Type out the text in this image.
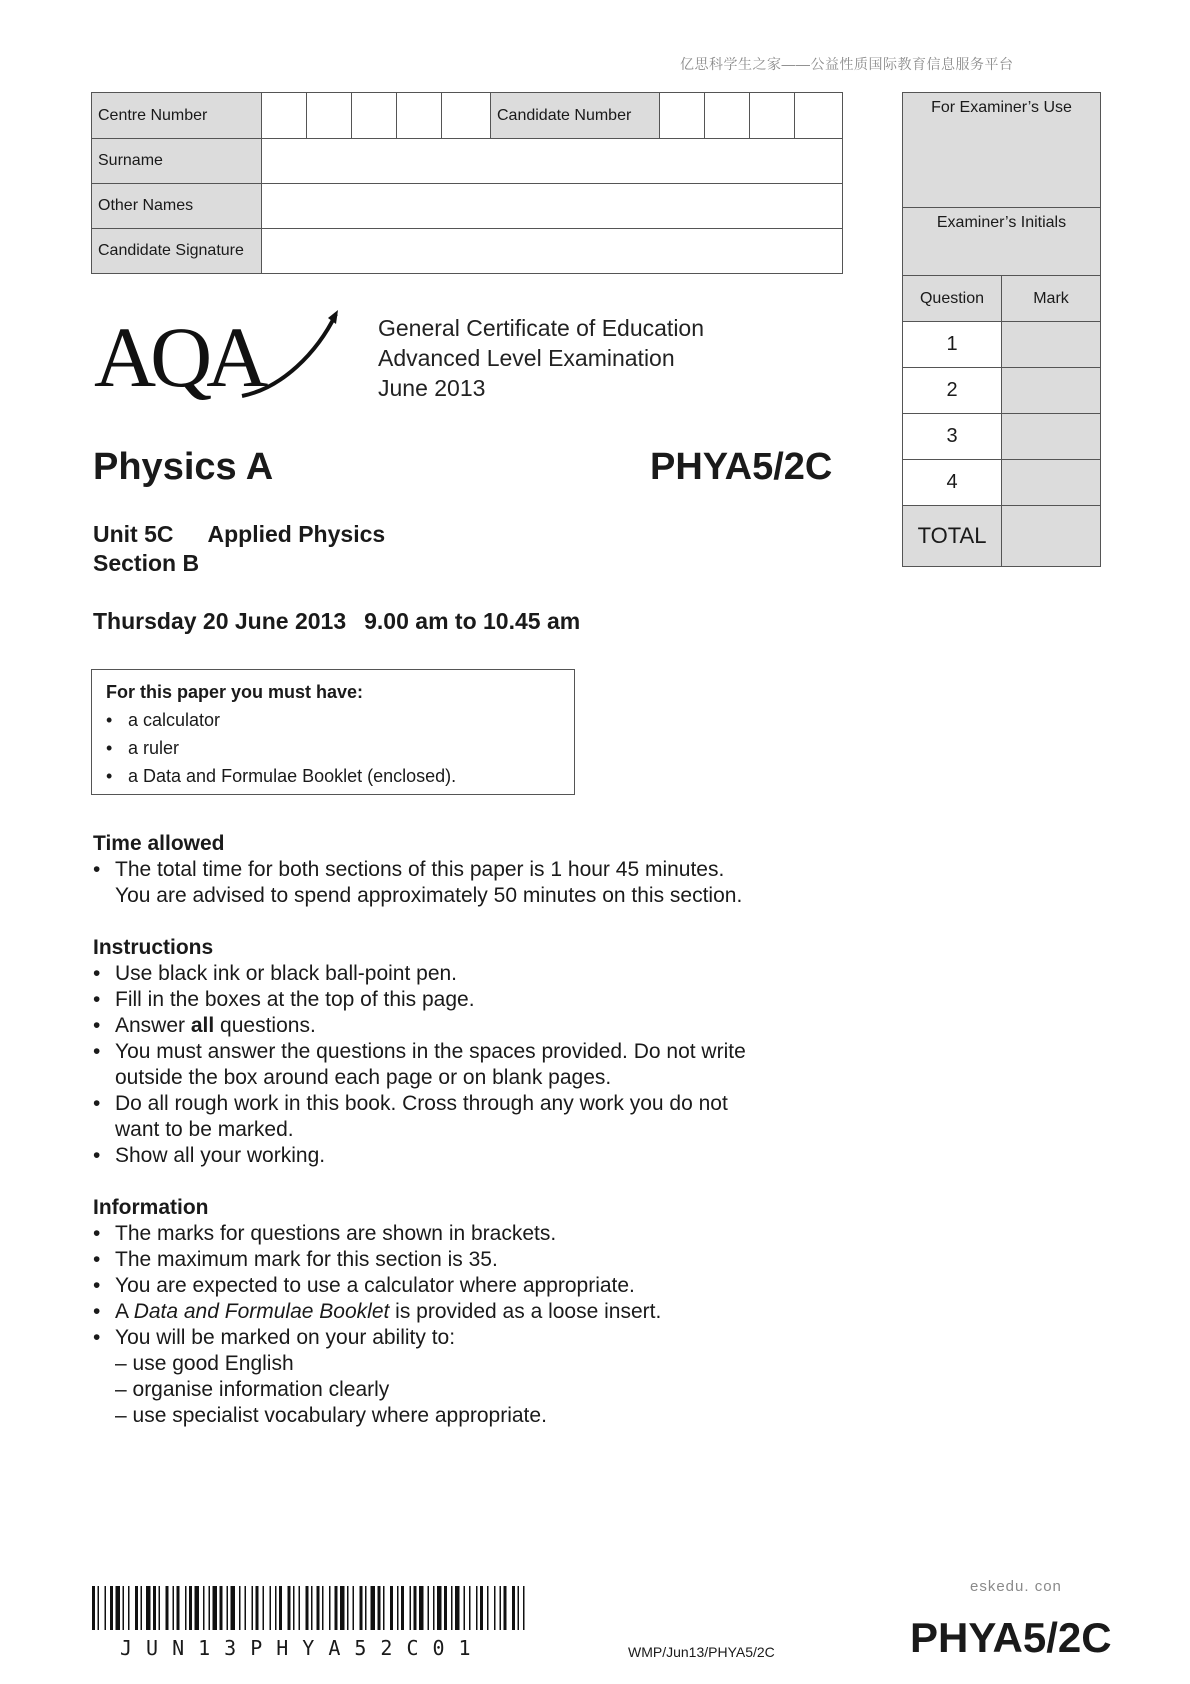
亿思科学生之家——公益性质国际教育信息服务平台
Centre Number	Candidate Number
Surname
Other Names
Candidate Signature
For Examiner’s Use
Examiner’s Initials
Question	Mark
1
2
3
4
TOTAL
AQA	General Certificate of Education
Advanced Level Examination
June 2013
Physics A	PHYA5/2C
Unit 5C Applied Physics
Section B
Thursday 20 June 2013 9.00 am to 10.45 am
For this paper you must have:
• a calculator
• a ruler
• a Data and Formulae Booklet (enclosed).
Time allowed
• The total time for both sections of this paper is 1 hour 45 minutes.
You are advised to spend approximately 50 minutes on this section.
Instructions
• Use black ink or black ball-point pen.
• Fill in the boxes at the top of this page.
• Answer all questions.
• You must answer the questions in the spaces provided. Do not write
outside the box around each page or on blank pages.
• Do all rough work in this book. Cross through any work you do not
want to be marked.
• Show all your working.
Information
• The marks for questions are shown in brackets.
• The maximum mark for this section is 35.
• You are expected to use a calculator where appropriate.
• A Data and Formulae Booklet is provided as a loose insert.
• You will be marked on your ability to:
– use good English
– organise information clearly
– use specialist vocabulary where appropriate.
eskedu. con
JUN13PHYA52C01	WMP/Jun13/PHYA5/2C	PHYA5/2C
